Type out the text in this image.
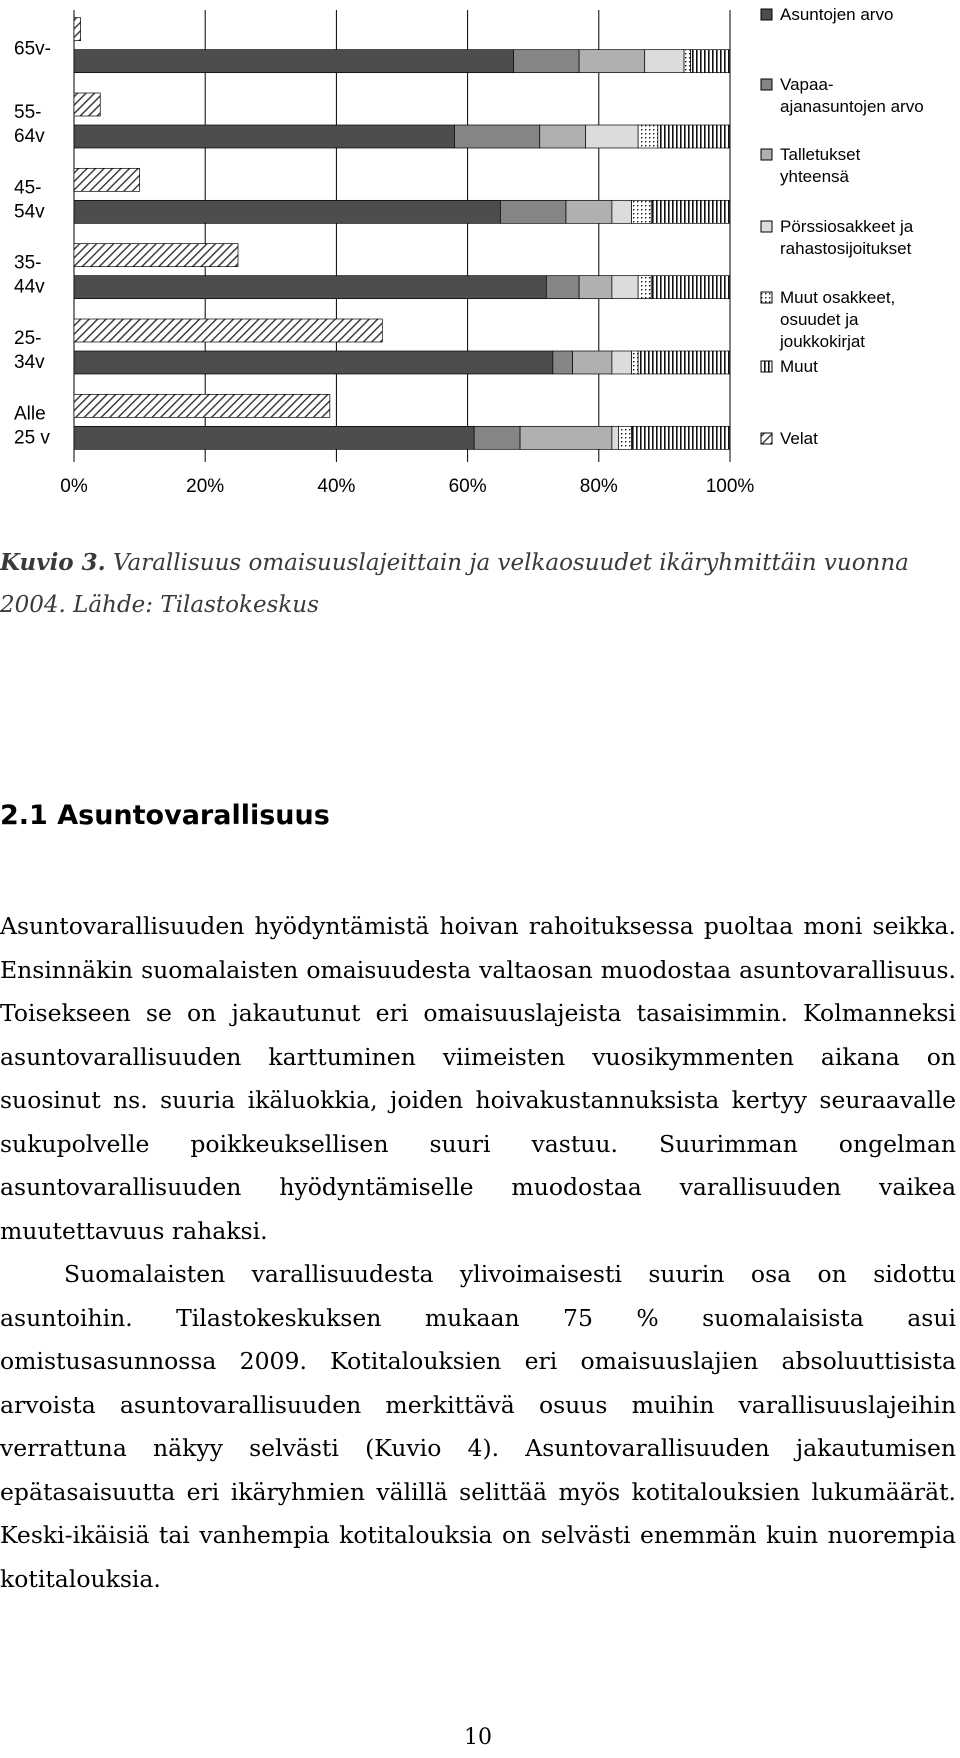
Alle 25 v
25-34v
35-44v
45-54v
55-64v
65v-
0%	20%	40%	60%	80%	100%
Asuntojen arvo
Vapaa-ajanasuntojen arvo
Talletukset yhteensä
Pörssiosakkeet ja rahastosijoitukset
Muut osakkeet, osuudet ja joukkokirjat
Muut
Velat

Kuvio 3. Varallisuus omaisuuslajeittain ja velkaosuudet ikäryhmittäin vuonna 2004. Lähde: Tilastokeskus

2.1 Asuntovarallisuus

Asuntovarallisuuden hyödyntämistä hoivan rahoituksessa puoltaa moni seikka. Ensinnäkin suomalaisten omaisuudesta valtaosan muodostaa asuntovarallisuus. Toisekseen se on jakautunut eri omaisuuslajeista tasaisimmin. Kolmanneksi asuntovarallisuuden karttuminen viimeisten vuosikymmenten aikana on suosinut ns. suuria ikäluokkia, joiden hoivakustannuksista kertyy seuraavalle sukupolvelle poikkeuksellisen suuri vastuu. Suurimman ongelman asuntovarallisuuden hyödyntämiselle muodostaa varallisuuden vaikea muutettavuus rahaksi.

Suomalaisten varallisuudesta ylivoimaisesti suurin osa on sidottu asuntoihin. Tilastokeskuksen mukaan 75 % suomalaisista asui omistusasunnossa 2009. Kotitalouksien eri omaisuuslajien absoluuttisista arvoista asuntovarallisuuden merkittävä osuus muihin varallisuuslajeihin verrattuna näkyy selvästi (Kuvio 4). Asuntovarallisuuden jakautumisen epätasaisuutta eri ikäryhmien välillä selittää myös kotitalouksien lukumäärät. Keski-ikäisiä tai vanhempia kotitalouksia on selvästi enemmän kuin nuorempia kotitalouksia.

10
